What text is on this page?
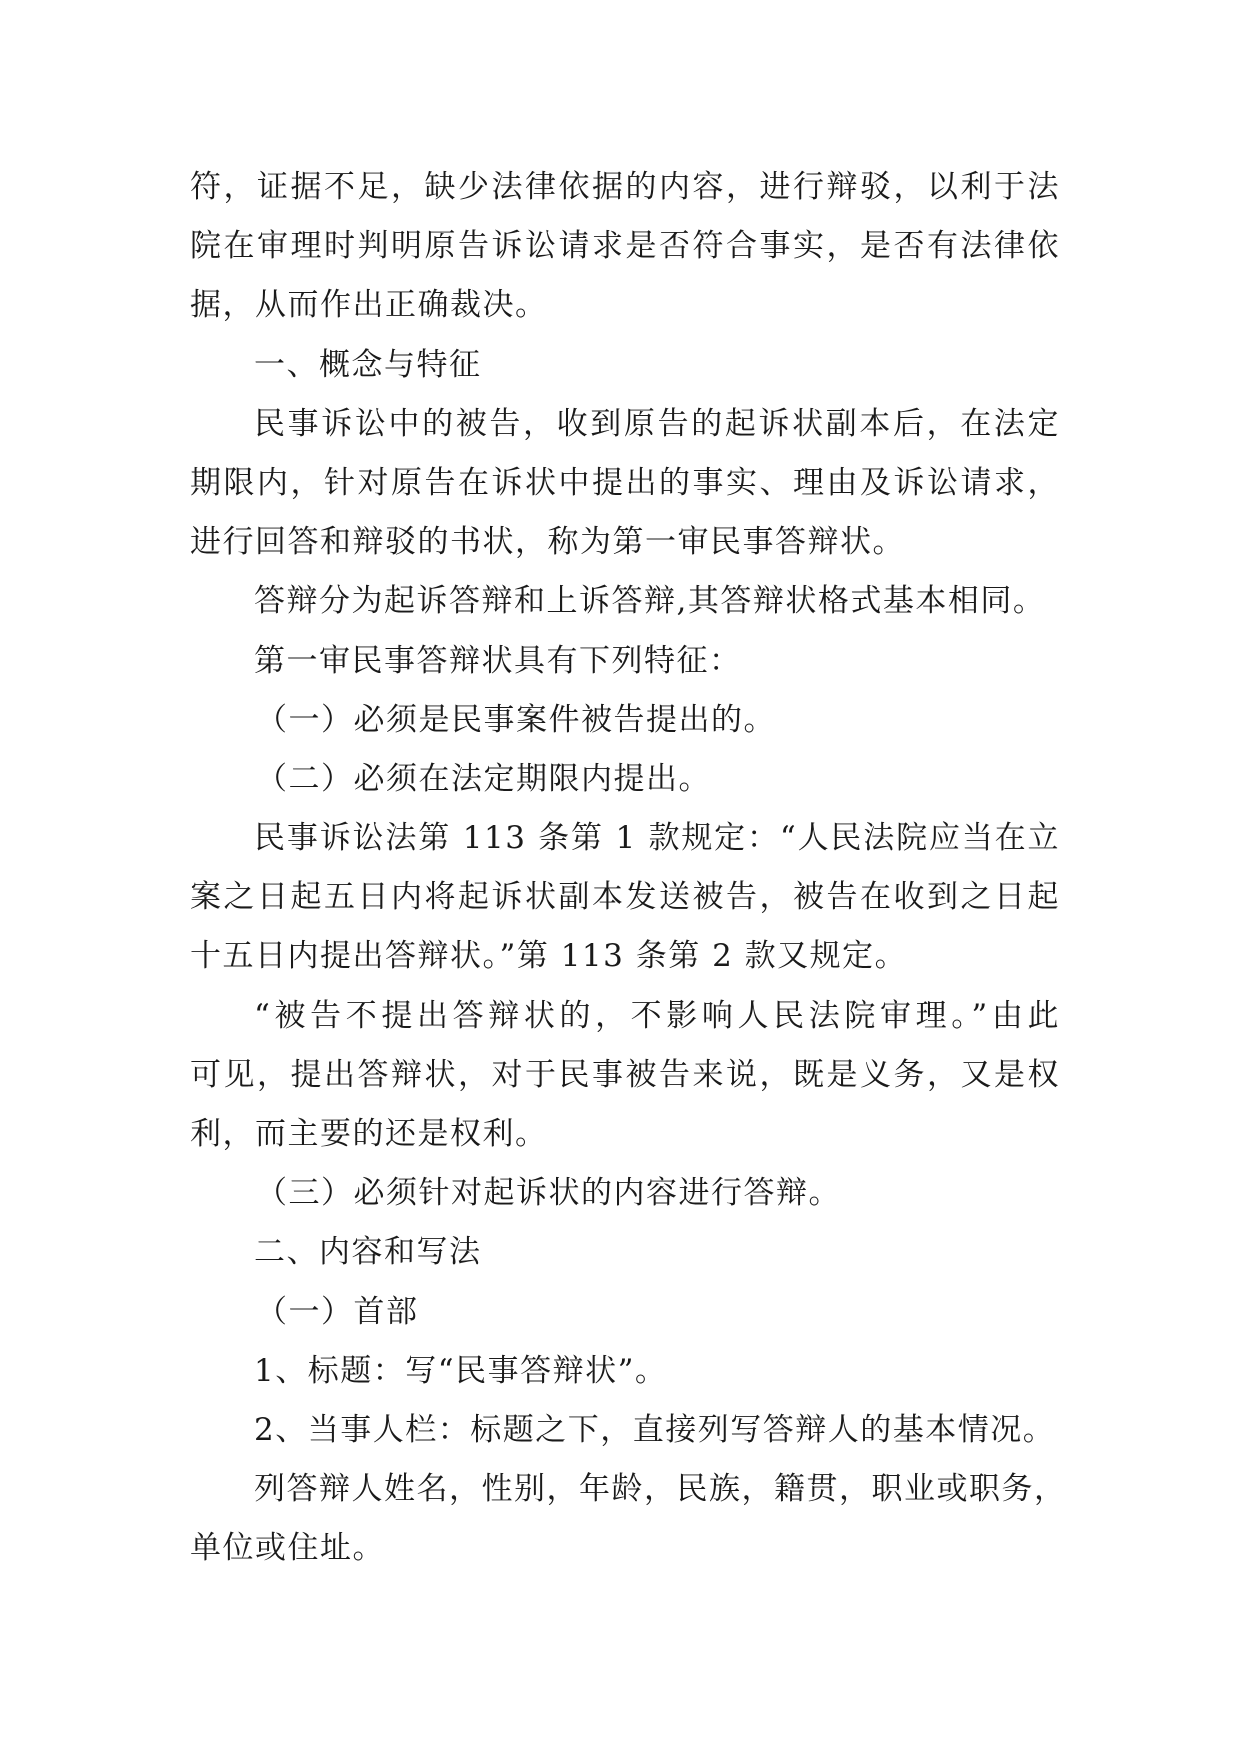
符，证据不足，缺少法律依据的内容，进行辩驳，以利于法
院在审理时判明原告诉讼请求是否符合事实，是否有法律依
据，从而作出正确裁决。
一、概念与特征
民事诉讼中的被告，收到原告的起诉状副本后，在法定
期限内，针对原告在诉状中提出的事实、理由及诉讼请求，
进行回答和辩驳的书状，称为第一审民事答辩状。
答辩分为起诉答辩和上诉答辩,其答辩状格式基本相同。
第一审民事答辩状具有下列特征：
（一）必须是民事案件被告提出的。
（二）必须在法定期限内提出。
民事诉讼法第 113 条第 1 款规定：“人民法院应当在立
案之日起五日内将起诉状副本发送被告，被告在收到之日起
十五日内提出答辩状。”第 113 条第 2 款又规定。
“被告不提出答辩状的，不影响人民法院审理。”由此
可见，提出答辩状，对于民事被告来说，既是义务，又是权
利，而主要的还是权利。
（三）必须针对起诉状的内容进行答辩。
二、内容和写法
（一）首部
1、标题：写“民事答辩状”。
2、当事人栏：标题之下，直接列写答辩人的基本情况。
列答辩人姓名，性别，年龄，民族，籍贯，职业或职务，
单位或住址。
